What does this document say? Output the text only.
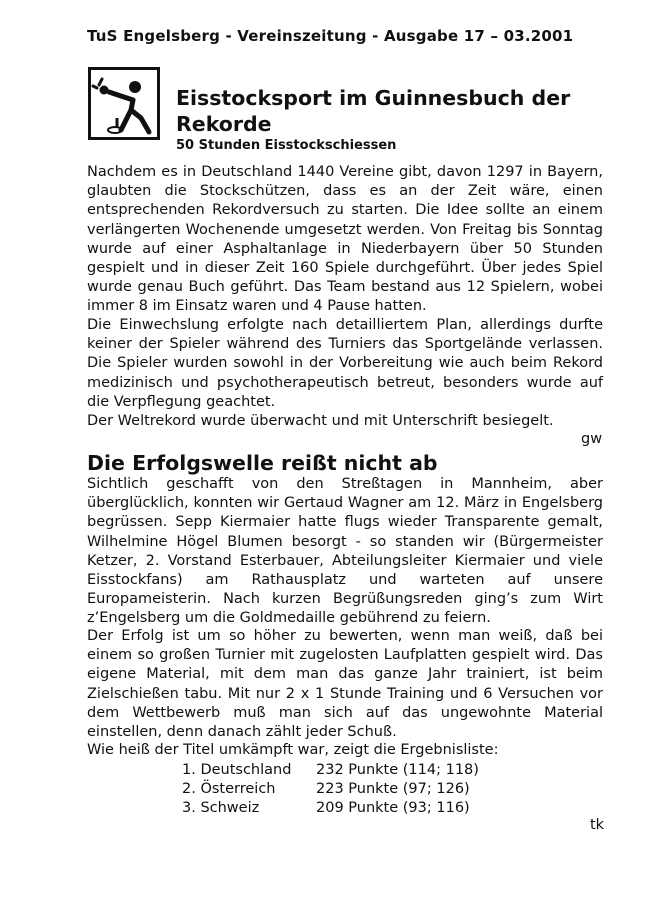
TuS Engelsberg - Vereinszeitung - Ausgabe 17 – 03.2001
Eisstocksport im Guinnesbuch der Rekorde
50 Stunden Eisstockschiessen

Nachdem es in Deutschland 1440 Vereine gibt, davon 1297 in Bayern, glaubten die Stockschützen, dass es an der Zeit wäre, einen entsprechenden Rekordversuch zu starten. Die Idee sollte an einem verlängerten Wochenende umgesetzt werden. Von Freitag bis Sonntag wurde auf einer Asphaltanlage in Niederbayern über 50 Stunden gespielt und in dieser Zeit 160 Spiele durchgeführt. Über jedes Spiel wurde genau Buch geführt. Das Team bestand aus 12 Spielern, wobei immer 8 im Einsatz waren und 4 Pause hatten.

Die Einwechslung erfolgte nach detailliertem Plan, allerdings durfte keiner der Spieler während des Turniers das Sportgelände verlassen. Die Spieler wurden sowohl in der Vorbereitung wie auch beim Rekord medizinisch und psychotherapeutisch betreut, besonders wurde auf die Verpflegung geachtet.

Der Weltrekord wurde überwacht und mit Unterschrift besiegelt.

gw
Die Erfolgswelle reißt nicht ab

Sichtlich geschafft von den Streßtagen in Mannheim, aber überglücklich, konnten wir Gertaud Wagner am 12. März in Engelsberg begrüssen. Sepp Kiermaier hatte flugs wieder Transparente gemalt, Wilhelmine Högel Blumen besorgt - so standen wir (Bürgermeister Ketzer, 2. Vorstand Esterbauer, Abteilungsleiter Kiermaier und viele Eisstockfans) am Rathausplatz und warteten auf unsere Europameisterin. Nach kurzen Begrüßungsreden ging’s zum Wirt z’Engelsberg um die Goldmedaille gebührend zu feiern.

Der Erfolg ist um so höher zu bewerten, wenn man weiß, daß bei einem so großen Turnier mit zugelosten Laufplatten gespielt wird. Das eigene Material, mit dem man das ganze Jahr trainiert, ist beim Zielschießen tabu. Mit nur 2 x 1 Stunde Training und 6 Versuchen vor dem Wettbewerb muß man sich auf das ungewohnte Material einstellen, denn danach zählt jeder Schuß.

Wie heiß der Titel umkämpft war, zeigt die Ergebnisliste:

1. Deutschland	232 Punkte (114; 118)
2. Österreich	223 Punkte (97; 126)
3. Schweiz	209 Punkte (93; 116)
tk
